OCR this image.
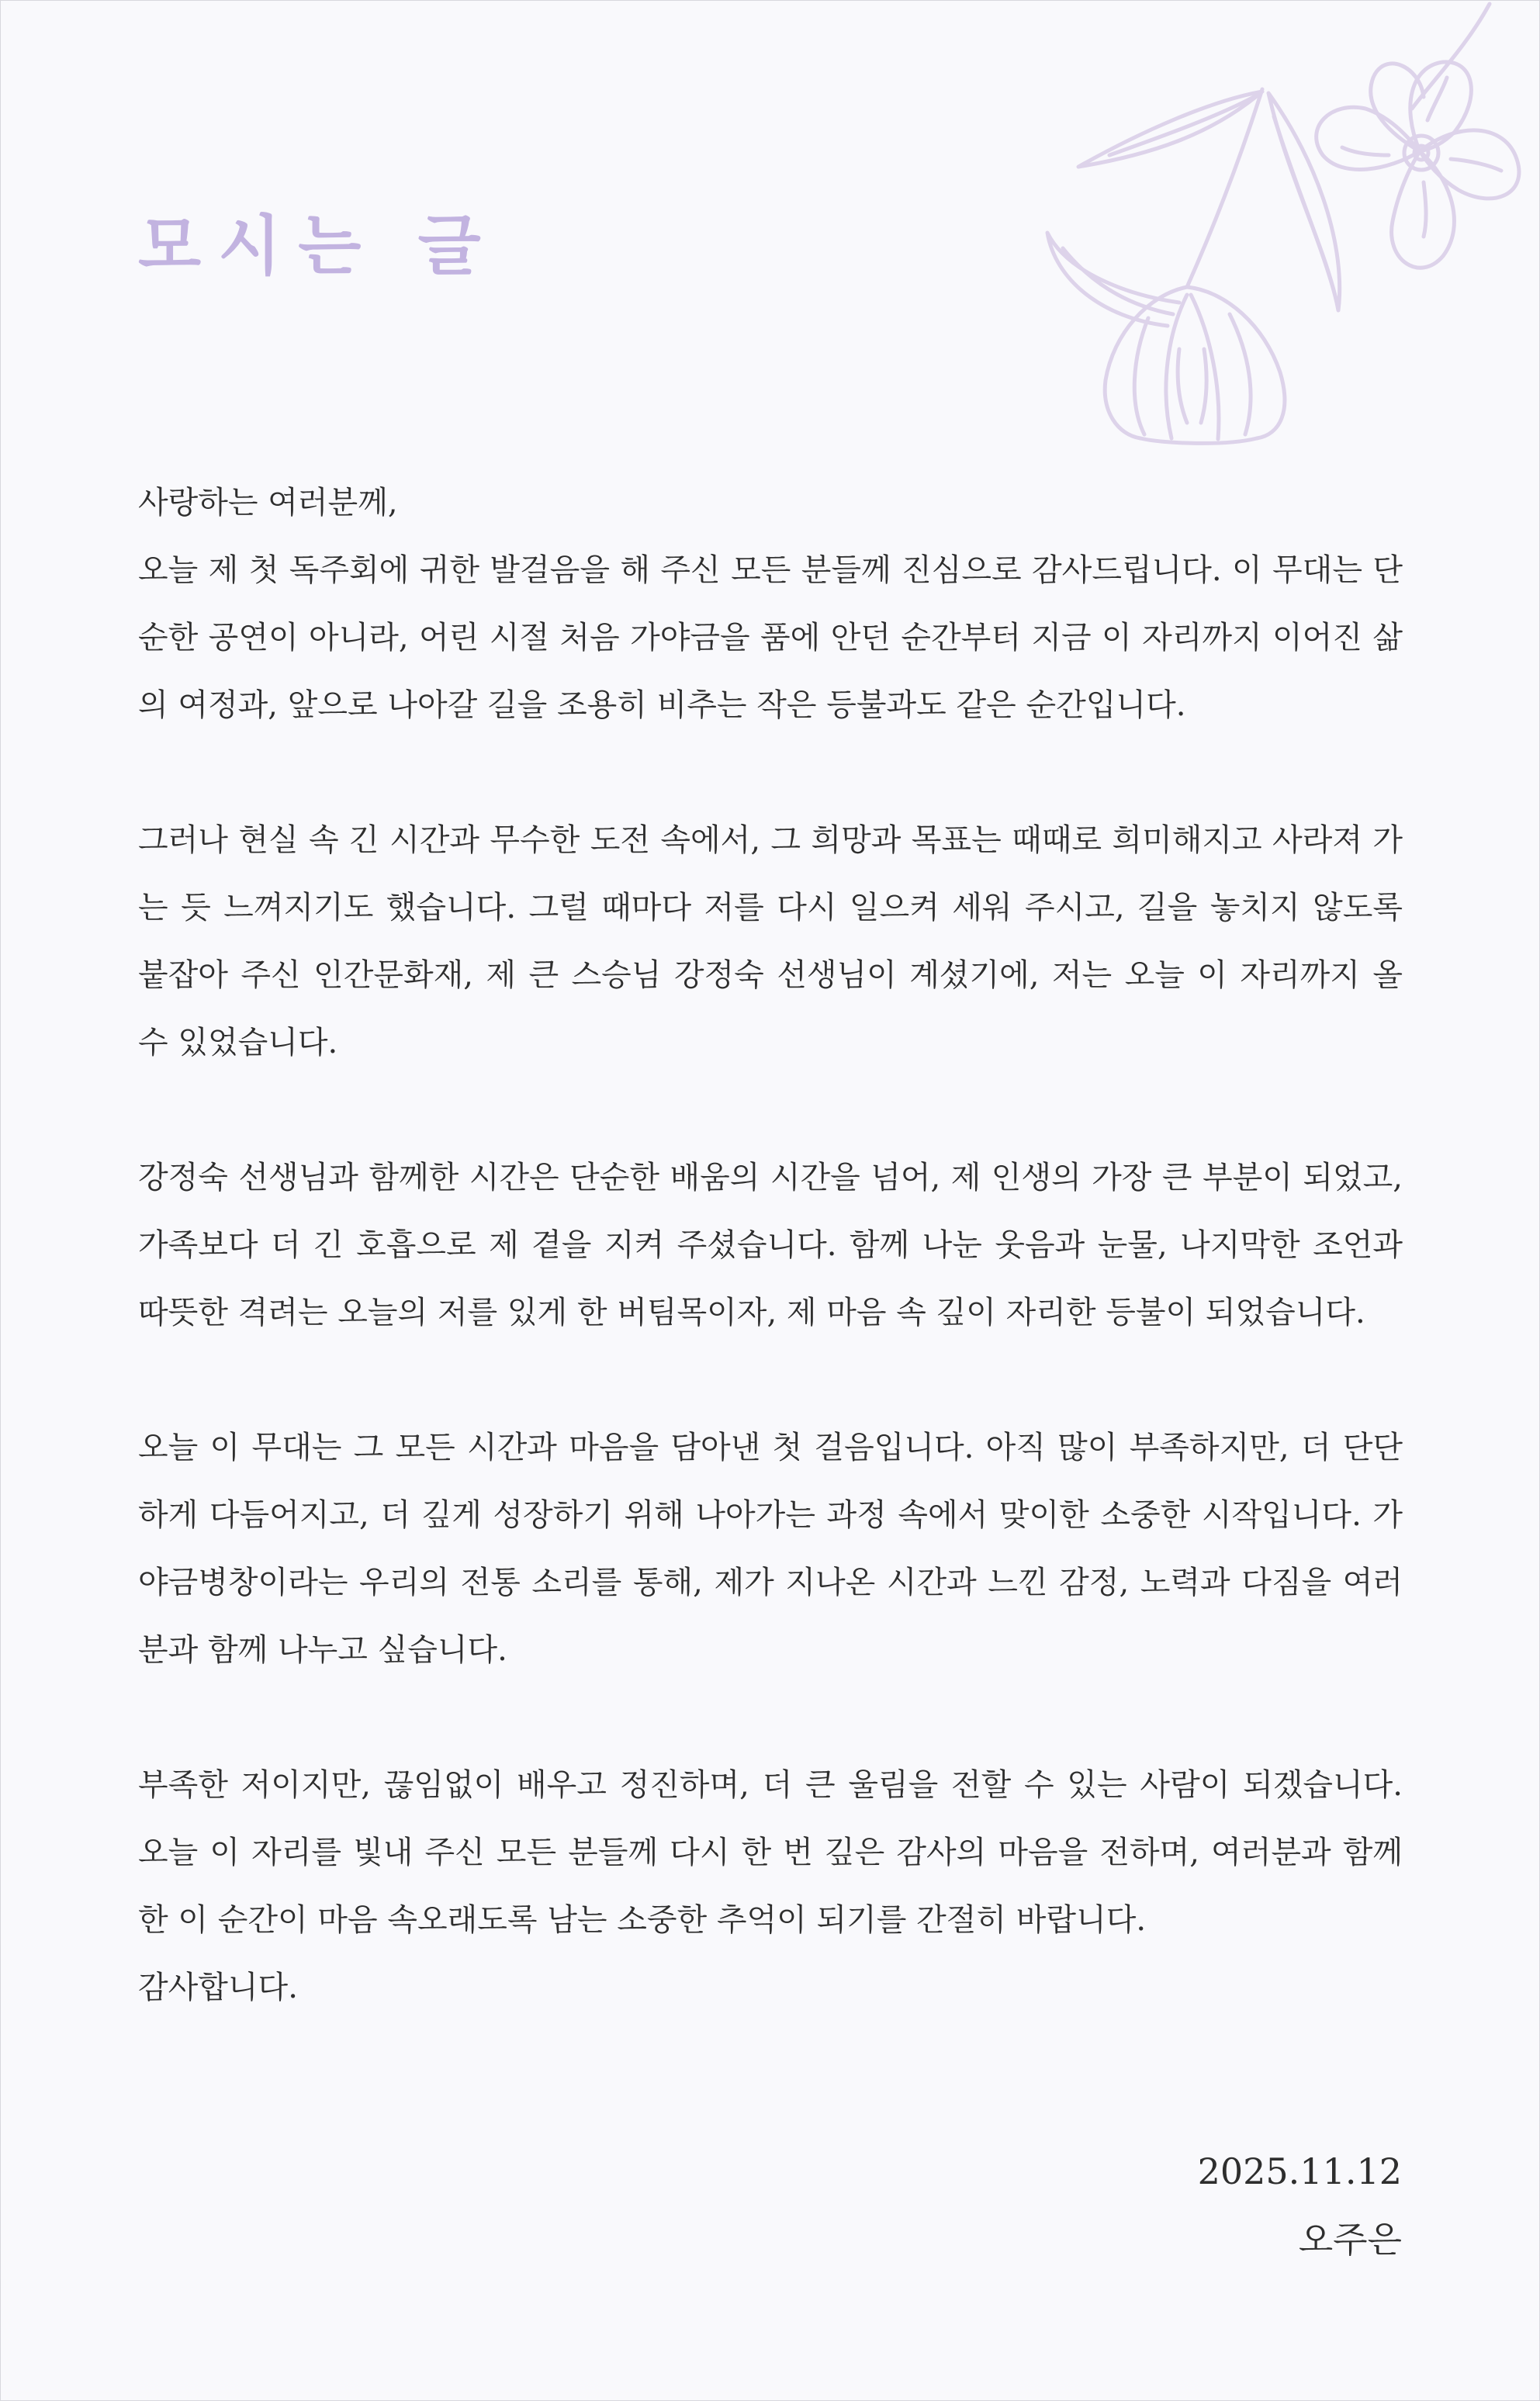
모시는 글

사랑하는 여러분께,

오늘 제 첫 독주회에 귀한 발걸음을 해 주신 모든 분들께 진심으로 감사드립니다. 이 무대는 단순한 공연이 아니라, 어린 시절 처음 가야금을 품에 안던 순간부터 지금 이 자리까지 이어진 삶의 여정과, 앞으로 나아갈 길을 조용히 비추는 작은 등불과도 같은 순간입니다.

그러나 현실 속 긴 시간과 무수한 도전 속에서, 그 희망과 목표는 때때로 희미해지고 사라져 가는 듯 느껴지기도 했습니다. 그럴 때마다 저를 다시 일으켜 세워 주시고, 길을 놓치지 않도록 붙잡아 주신 인간문화재, 제 큰 스승님 강정숙 선생님이 계셨기에, 저는 오늘 이 자리까지 올 수 있었습니다.

강정숙 선생님과 함께한 시간은 단순한 배움의 시간을 넘어, 제 인생의 가장 큰 부분이 되었고, 가족보다 더 긴 호흡으로 제 곁을 지켜 주셨습니다. 함께 나눈 웃음과 눈물, 나지막한 조언과 따뜻한 격려는 오늘의 저를 있게 한 버팀목이자, 제 마음 속 깊이 자리한 등불이 되었습니다.

오늘 이 무대는 그 모든 시간과 마음을 담아낸 첫 걸음입니다. 아직 많이 부족하지만, 더 단단하게 다듬어지고, 더 깊게 성장하기 위해 나아가는 과정 속에서 맞이한 소중한 시작입니다. 가야금병창이라는 우리의 전통 소리를 통해, 제가 지나온 시간과 느낀 감정, 노력과 다짐을 여러분과 함께 나누고 싶습니다.

부족한 저이지만, 끊임없이 배우고 정진하며, 더 큰 울림을 전할 수 있는 사람이 되겠습니다. 오늘 이 자리를 빛내 주신 모든 분들께 다시 한 번 깊은 감사의 마음을 전하며, 여러분과 함께한 이 순간이 마음 속오래도록 남는 소중한 추억이 되기를 간절히 바랍니다.

감사합니다.

2025.11.12
오주은
